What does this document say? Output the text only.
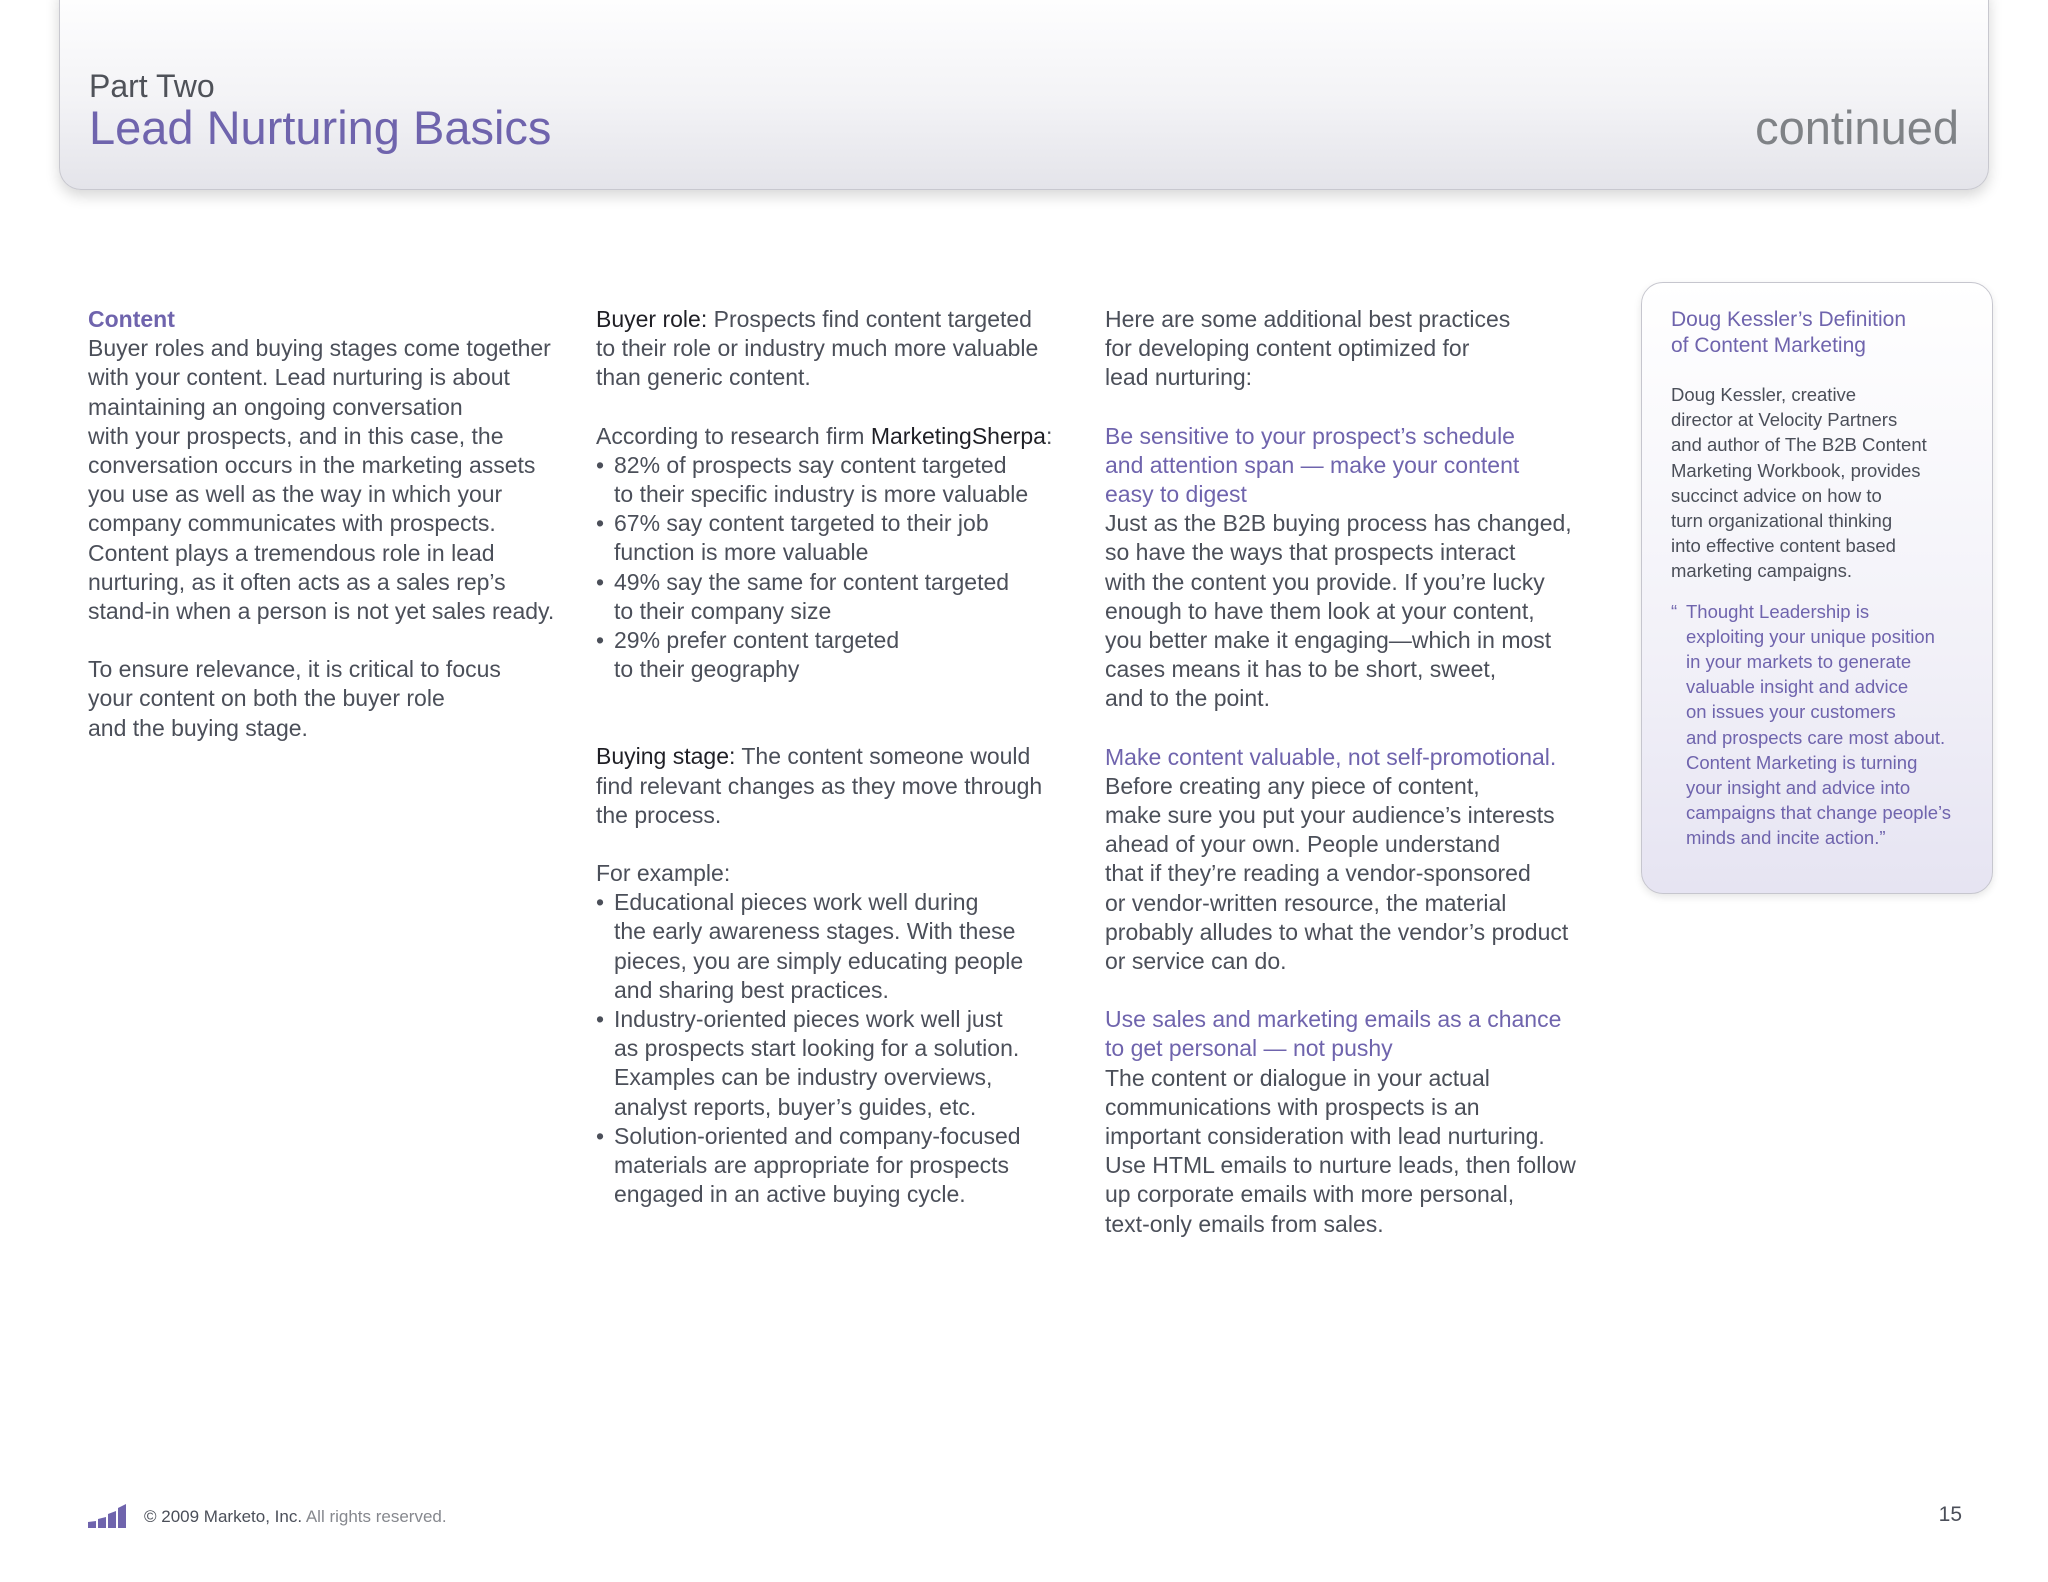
Part Two
Lead Nurturing Basics	continued

Content

Buyer roles and buying stages come together

with your content. Lead nurturing is about

maintaining an ongoing conversation

with your prospects, and in this case, the

conversation occurs in the marketing assets

you use as well as the way in which your

company communicates with prospects.

Content plays a tremendous role in lead

nurturing, as it often acts as a sales rep’s

stand-in when a person is not yet sales ready.

To ensure relevance, it is critical to focus

your content on both the buyer role

and the buying stage.

Buyer role: Prospects find content targeted

to their role or industry much more valuable

than generic content.

According to research firm MarketingSherpa:

• 82% of prospects say content targeted
to their specific industry is more valuable
• 67% say content targeted to their job
function is more valuable
• 49% say the same for content targeted
to their company size
• 29% prefer content targeted
to their geography

Buying stage: The content someone would

find relevant changes as they move through

the process.

For example:

• Educational pieces work well during
the early awareness stages. With these
pieces, you are simply educating people
and sharing best practices.
• Industry-oriented pieces work well just
as prospects start looking for a solution.
Examples can be industry overviews,
analyst reports, buyer’s guides, etc.
• Solution-oriented and company-focused
materials are appropriate for prospects
engaged in an active buying cycle.

Here are some additional best practices

for developing content optimized for

lead nurturing:

Be sensitive to your prospect’s schedule

and attention span — make your content

easy to digest

Just as the B2B buying process has changed,

so have the ways that prospects interact

with the content you provide. If you’re lucky

enough to have them look at your content,

you better make it engaging—which in most

cases means it has to be short, sweet,

and to the point.

Make content valuable, not self-promotional.

Before creating any piece of content,

make sure you put your audience’s interests

ahead of your own. People understand

that if they’re reading a vendor-sponsored

or vendor-written resource, the material

probably alludes to what the vendor’s product

or service can do.

Use sales and marketing emails as a chance

to get personal — not pushy

The content or dialogue in your actual

communications with prospects is an

important consideration with lead nurturing.

Use HTML emails to nurture leads, then follow

up corporate emails with more personal,

text-only emails from sales.

Doug Kessler’s Definition
of Content Marketing
Doug Kessler, creative
director at Velocity Partners
and author of The B2B Content
Marketing Workbook, provides
succinct advice on how to
turn organizational thinking
into effective content based
marketing campaigns.
“ Thought Leadership is
exploiting your unique position
in your markets to generate
valuable insight and advice
on issues your customers
and prospects care most about.
Content Marketing is turning
your insight and advice into
campaigns that change people’s
minds and incite action.”
© 2009 Marketo, Inc. All rights reserved.	15
